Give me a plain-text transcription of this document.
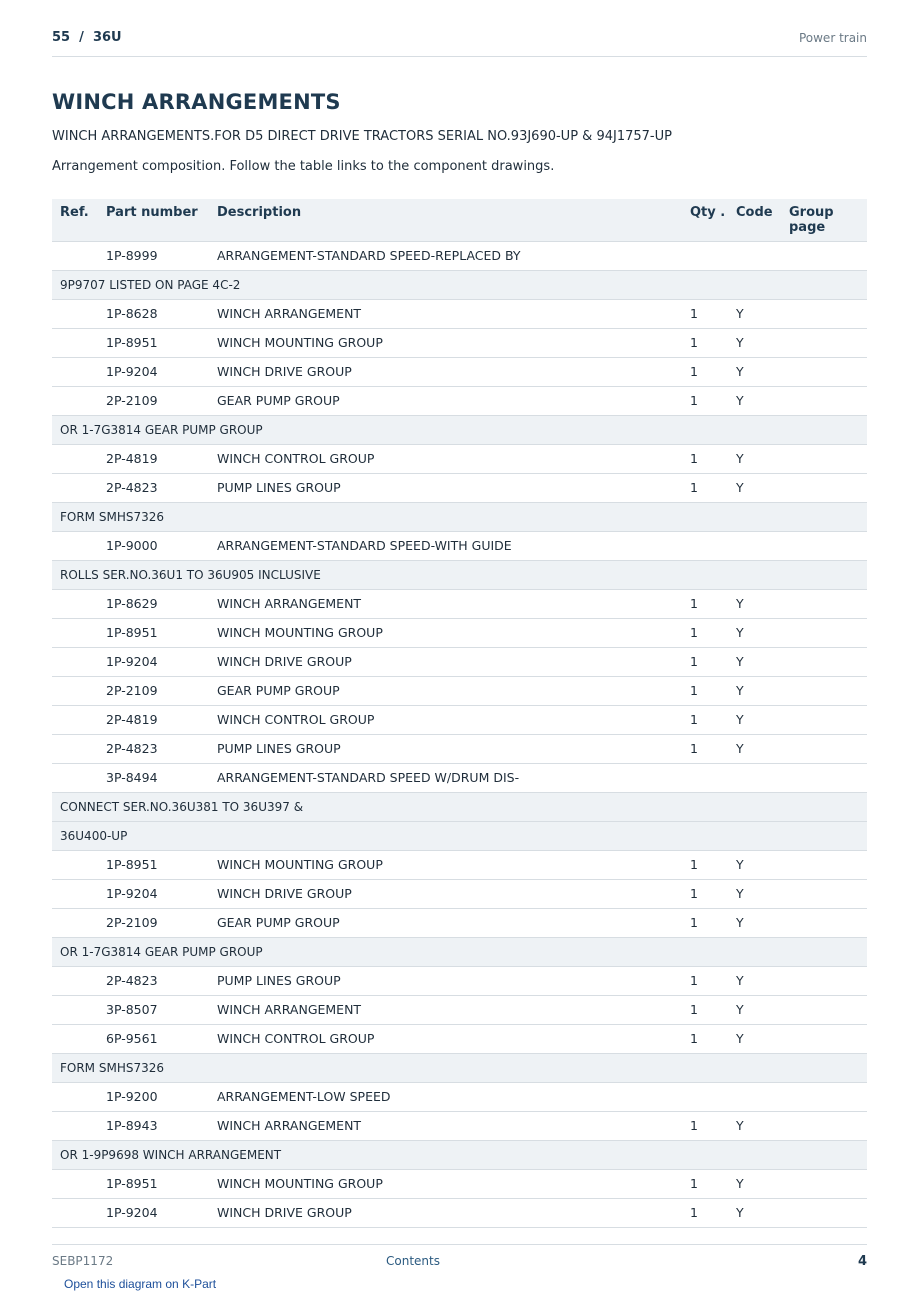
55  /  36U	Power train
WINCH ARRANGEMENTS
WINCH ARRANGEMENTS.FOR D5 DIRECT DRIVE TRACTORS SERIAL NO.93J690-UP & 94J1757-UP
Arrangement composition. Follow the table links to the component drawings.
Ref.	Part number	Description	Qty .	Code	Group page
	1P-8999	ARRANGEMENT-STANDARD SPEED-REPLACED BY			
9P9707 LISTED ON PAGE 4C-2					
	1P-8628	WINCH ARRANGEMENT	1	Y	
	1P-8951	WINCH MOUNTING GROUP	1	Y	
	1P-9204	WINCH DRIVE GROUP	1	Y	
	2P-2109	GEAR PUMP GROUP	1	Y	
OR 1-7G3814 GEAR PUMP GROUP					
	2P-4819	WINCH CONTROL GROUP	1	Y	
	2P-4823	PUMP LINES GROUP	1	Y	
FORM SMHS7326					
	1P-9000	ARRANGEMENT-STANDARD SPEED-WITH GUIDE			
ROLLS SER.NO.36U1 TO 36U905 INCLUSIVE					
	1P-8629	WINCH ARRANGEMENT	1	Y	
	1P-8951	WINCH MOUNTING GROUP	1	Y	
	1P-9204	WINCH DRIVE GROUP	1	Y	
	2P-2109	GEAR PUMP GROUP	1	Y	
	2P-4819	WINCH CONTROL GROUP	1	Y	
	2P-4823	PUMP LINES GROUP	1	Y	
	3P-8494	ARRANGEMENT-STANDARD SPEED W/DRUM DIS-			
CONNECT SER.NO.36U381 TO 36U397 &					
36U400-UP					
	1P-8951	WINCH MOUNTING GROUP	1	Y	
	1P-9204	WINCH DRIVE GROUP	1	Y	
	2P-2109	GEAR PUMP GROUP	1	Y	
OR 1-7G3814 GEAR PUMP GROUP					
	2P-4823	PUMP LINES GROUP	1	Y	
	3P-8507	WINCH ARRANGEMENT	1	Y	
	6P-9561	WINCH CONTROL GROUP	1	Y	
FORM SMHS7326					
	1P-9200	ARRANGEMENT-LOW SPEED			
	1P-8943	WINCH ARRANGEMENT	1	Y	
OR 1-9P9698 WINCH ARRANGEMENT					
	1P-8951	WINCH MOUNTING GROUP	1	Y	
	1P-9204	WINCH DRIVE GROUP	1	Y	
SEBP1172	Contents	4
Open this diagram on K-Part
